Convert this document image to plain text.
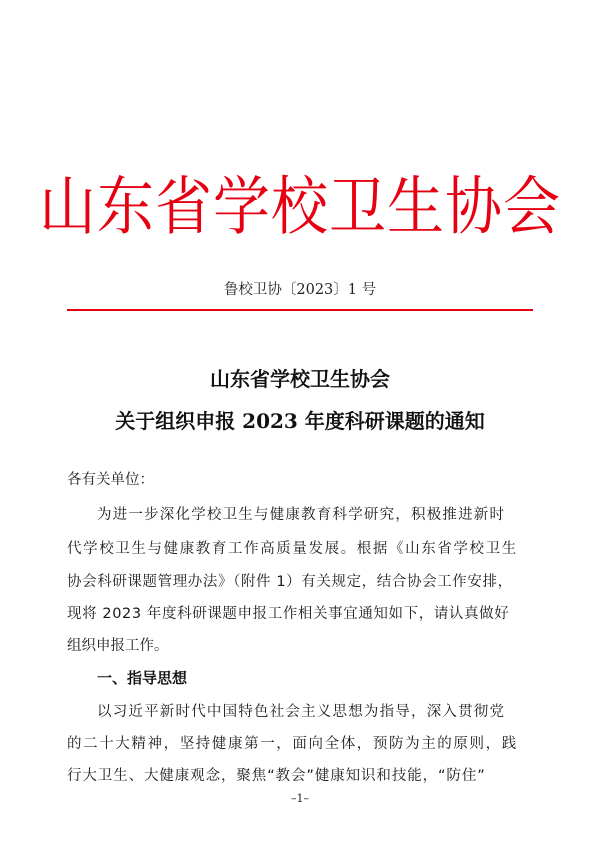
山东省学校卫生协会
鲁校卫协〔2023〕1 号
山东省学校卫生协会
关于组织申报 2023 年度科研课题的通知
各有关单位：
为进一步深化学校卫生与健康教育科学研究，积极推进新时
代学校卫生与健康教育工作高质量发展。根据《山东省学校卫生
协会科研课题管理办法》（附件 1）有关规定，结合协会工作安排，
现将 2023 年度科研课题申报工作相关事宜通知如下，请认真做好
组织申报工作。
一、指导思想
以习近平新时代中国特色社会主义思想为指导，深入贯彻党
的二十大精神，坚持健康第一，面向全体，预防为主的原则，践
行大卫生、大健康观念，聚焦“教会”健康知识和技能，“防住”
–1–
